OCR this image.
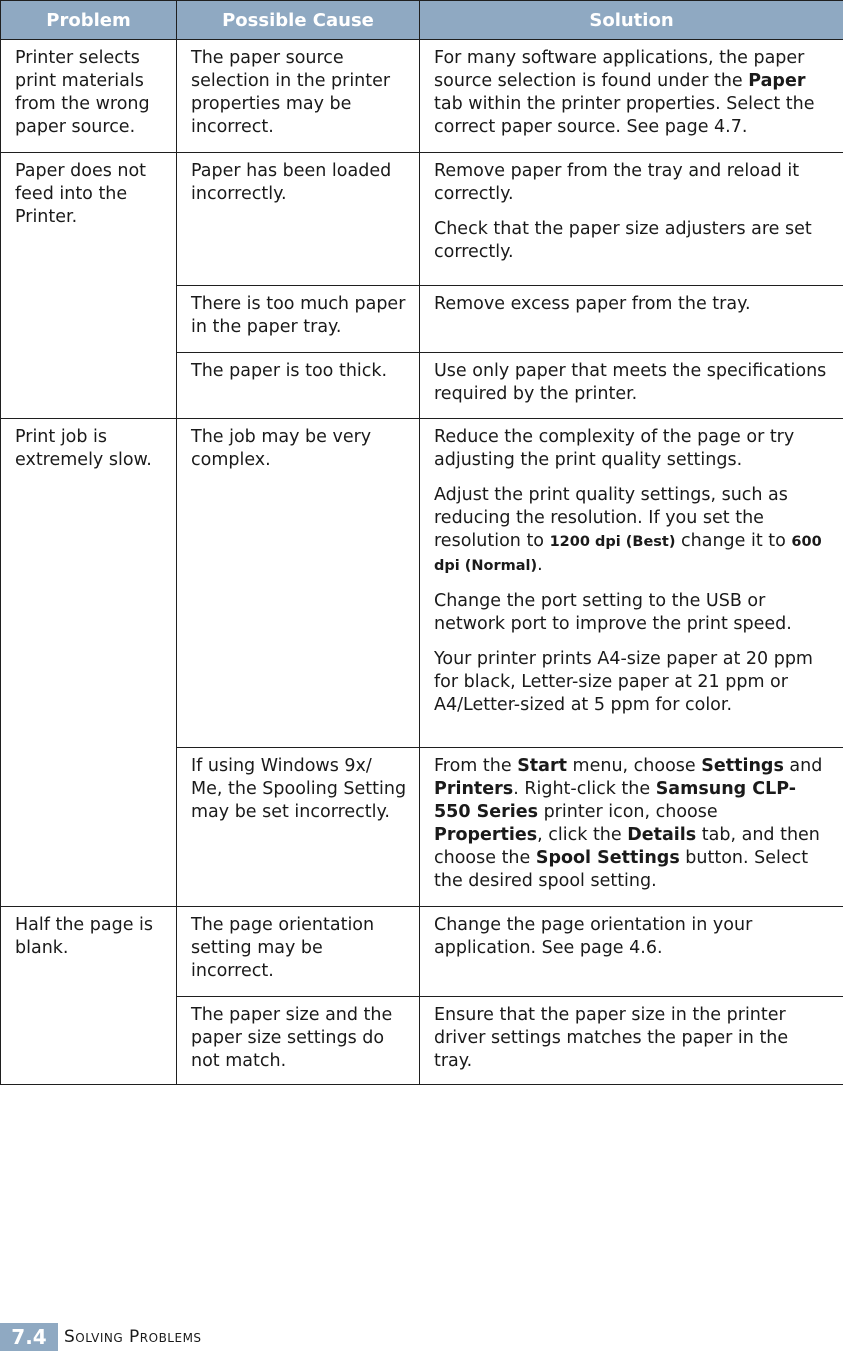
Problem	Possible Cause	Solution
Printer selects print materials from the wrong paper source.	The paper source selection in the printer properties may be incorrect.	For many software applications, the paper source selection is found under the Paper tab within the printer properties. Select the correct paper source. See page 4.7.

Paper does not feed into the Printer.	Paper has been loaded incorrectly.	Remove paper from the tray and reload it correctly.

Check that the paper size adjusters are set correctly.

	There is too much paper in the paper tray.	Remove excess paper from the tray.
	The paper is too thick.	Use only paper that meets the specifications required by the printer.
Print job is extremely slow.	The job may be very complex.	Reduce the complexity of the page or try adjusting the print quality settings.

Adjust the print quality settings, such as reducing the resolution. If you set the resolution to 1200 dpi (Best) change it to 600 dpi (Normal).

Change the port setting to the USB or network port to improve the print speed.

Your printer prints A4-size paper at 20 ppm for black, Letter-size paper at 21 ppm or A4/Letter-sized at 5 ppm for color.

	If using Windows 9x/ Me, the Spooling Setting may be set incorrectly.	From the Start menu, choose Settings and Printers. Right-click the Samsung CLP-550 Series printer icon, choose Properties, click the Details tab, and then choose the Spool Settings button. Select the desired spool setting.

Half the page is blank.	The page orientation setting may be incorrect.	Change the page orientation in your application. See page 4.6.
	The paper size and the paper size settings do not match.	Ensure that the paper size in the printer driver settings matches the paper in the tray.
7.4	Solving Problems
